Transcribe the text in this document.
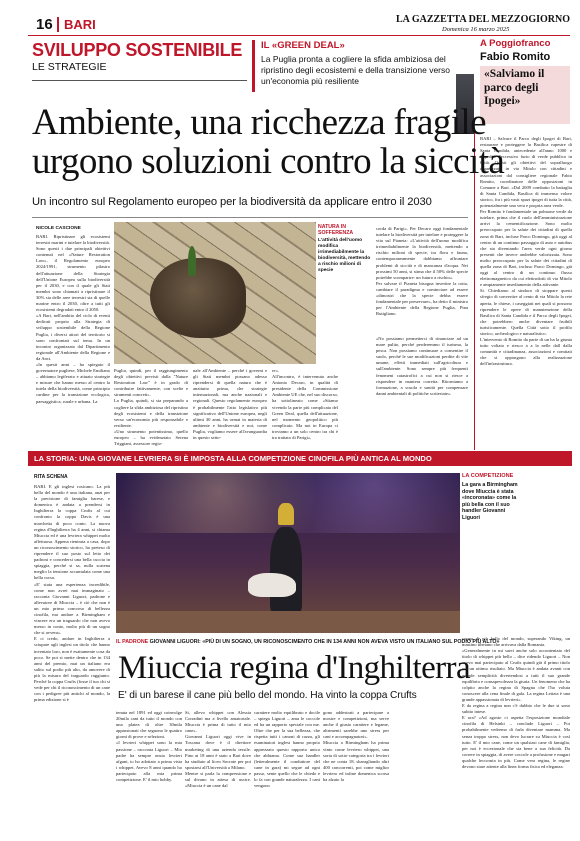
16 BARI	LA GAZZETTA DEL MEZZOGIORNO
Domenica 16 marzo 2025
SVILUPPO SOSTENIBILE
LE STRATEGIE
IL «GREEN DEAL»
La Puglia pronta a cogliere la sfida ambiziosa del ripristino degli ecosistemi e della transizione verso un'economia più resiliente
A Poggiofranco
Fabio Romito
«Salviamo il parco degli Ipogei»
BARI – Salvare il Parco degli Ipogei di Bari, restaurare e proteggere la Basilica rupestre di Santa Candida, antecedente all'anno 1000 e impedire l'eccessivo furto di verde pubblico in Città. Questi gli obiettivi del sopralluogo organizzato in via Mitolo con cittadini e associazioni dal consigliere regionale Fabio Romito, coordinatore delle opposizioni in Comune a Bari. «Dal 2009 combatto la battaglia di Santa Candida, Basilica di immenso valore storico, fra i più vasti spazi ipogei di tutta la città, potenzialmente una vera e propria area verde.
Per Romito è fondamentale un polmone verde da tutelare, prima che il ruolo dell'amministrazione arrivi la cementificazione. Sono molto preoccupato per la salute dei cittadini di quella zona di Bari, incluse Parco Domingo, già oggi al centro di un continuo passaggio di auto e autobus che sta diventando l'area verde ogni giorno presenti che invece andrebbe valorizzata. Sono molto preoccupato per la salute dei cittadini di quella zona di Bari, incluso Parco Domingo, già oggi al centro di un continuo flusso elettromagnetico da cui elettrodotti di via Mitolo e ampiamente insediamento della attivante.
Si. Chiediamo al sindaco di stoppare questi sfregio di convertire al cento di via Mitolo la rete aperta, le chiese, i caseggiati nei quali si possono riprendere le opere di manutenzione della Basilica di Santa Candida e il Parco degli Ipogei, che potrebbero anche diventare fruibili turisticamente. Quella Città sotto il profilo storico, archeologico e naturalistico.
L'intervento di Romito da parte di un ha la giunta tutto voltato e riesco a a la nelle dall dalla comunità e cittadinanza, associazioni e comitati che si oppongono alla realizzazione dell'infrastruttura.
Ambiente, una ricchezza fragile
urgono soluzioni contro la siccità
Un incontro sul Regolamento europeo per la biodiversità da applicare entro il 2030
NICOLE CASCIONE
BARI. Ripristinare gli ecosistemi terrestri marini e tutelare la biodiversità. Sono questi i due principali obiettivi contenuti nel «Nature Restoration Law», il Regolamento europeo 2024/1991, strumento pilastro dell'attuazione della Strategia dell'Unione Europea sulla biodiversità per il 2030, e con il quale gli Stati membri sono chiamati a ripristinare il 30% sia delle aree terrestri sia di quelle marine entro il 2030, oltre a tutti gli ecosistemi degradati entro il 2050.
«A Bari, nell'ambito del ciclo di eventi dedicati proprio alla Strategia di sviluppo sostenibile della Regione Puglia, i diversi attori del territorio si sono confrontati sul tema. In un incontro organizzato dal Dipartimento regionale all'Ambiente della Regione e da Anci.
«In questi anni – ha spiegato il governatore pugliese, Michele Emiliano – abbiamo legiferato e attuato strategie e misure che hanno messo al centro la tutela della biodiversità, come principio cardine per la transizione ecologica, paesaggistica, rurale e urbana. La
NATURA IN SOFFERENZA
L'attività dell'uomo modifica irrimediabilmente la biodiversità, mettendo a rischio milioni di specie
Puglia, quindi, per il raggiungimento degli obiettivi previsti dalla "Nature Restoration Law" è in grado di contribuire fattivamente, con scelte e strumenti concreti».
La Puglia, quindi, si sta preparando a cogliere la sfida ambiziosa del ripristino degli ecosistemi e della transizione verso un'economia più responsabile e resiliente.
«Uno strumento potentissimo, quello europeo – ha evidenziato Serena Triggiani, assessore regio-
nale all'Ambiente – perché i governi e gli Stati membri possano adesso riprendersi di quella natura che è anzitutto prima, che strategie internazionali, ma anche nazionali e regionali. Questo regolamento europeo è probabilmente l'atto legislativo più significativo dell'Unione europea, negli ultimi 30 anni, ha ormai in materia di ambiente e biodiversità e noi, come Puglia, vogliamo essere all'avanguardia in questo setto-
re».
All'incontro, è intervenuto anche Antonio Decaro, in qualità di presidente della Commissione Ambiente UE che, nel suo discorso, ha sottolineato come «Stiamo vivendo la parte più complicata del Green Deal, quella dell'attuazione, nel momento geopolitico più complicato. Ma noi in Europa ci troviamo a un solo centro tra chi è tra trattato di Parigi»,
corda di Parigi». Per Decaro oggi fondamentale tutelare la biodiversità per tutelare e proteggere la vita sul Pianeta: «L'attività dell'uomo modifica irrimediabilmente la biodiversità, mettendo a rischio milioni di specie, tra flora e fauna, contemporaneamente dobbiamo affrontare problemi di siccità e di mancanza d'acqua. Nei prossimi 50 anni, si stima che il 50% delle specie potrebbe scomparire: un futuro a rischio».
Per salvare il Pianeta bisogna invertire la rotta, cambiare il paradigma e cominciare ad essere «dimostri che la specie debba essere fondamentale per preservare», ha detto il ministro per l'Ambiente della Regione Puglia, Pina Rutigliano.
«No possiamo permetterci di rinunciare ad un mare pulito, perché perderemmo il turismo, la pesca. Non possiamo continuare a consentire il suolo, perché le sue modificazioni perdite di vite umane, effetti immediati sull'agricoltura e sull'ambiente. Sono sempre più frequenti fenomeni catastrofici a cui non si riesce a rispondere in maniera corretta. Ritorniamo a formazione, a scuola e sanità per compensare danni ambientali di politiche scriteriate».
LA STORIA: UNA GIOVANE LEVRIERA SI È IMPOSTA ALLA COMPETIZIONE CINOFILA PIÙ ANTICA AL MONDO
RITA SCHENA
BARI. E gli inglesi rosicano. La più bella del mondo è una italiana, anzi per la precisione di famiglia barese, e domenica è andata a prendersi in Inghilterra la coppa Crufts al cui confronto la coppa Davis è una marchetta di poco conto. La nuova regina d'Inghilterra ha 4 anni, si chiama Miuccia ed è una levriera whippet molto affettuosa. Appena rientrata a casa, dopo un riconoscimento storico, ha preteso di riprendere il suo posto sul letto dei padroni e concedersi una bella cuccia in spiaggia, perché si sa, nulla scatena meglio la tensione accumulata come una bella corsa.
«E' stata una esperienza incredibile, come non avrei mai immaginato – racconta Giovanni Liguori, padrone e allevatore di Miuccia – è ciò che non è un mio primo concorso di bellezza cinofila, ma andare a Birmingham e vincere era un traguardo che non avevo messo in conto, molto più di un sogno che si avvera».
E ci credo, andare in Inghilterra a sciupare agli inglesi un titolo che hanno inventato loro, non è esattamente cosa da poco. Se poi si mette dentro che in 134 anni del premio, mai un italiano era salito sul podio più alto, da amovere di più la misura del traguardo raggiunto. Perché la coppa Crufts (fosse il tuo chi si vede per chi il riconoscimento di un cane con i pedigree più antichi al mondo, la prima edizione si è
LA COMPETIZIONE
La gara a Birmingham dove Miuccia è stata «incoronata» come la più bella con il suo handler Giovanni Liguori
IL PADRONE GIOVANNI LIGUORI: «PIÙ DI UN SOGNO, UN RICONOSCIMENTO CHE IN 134 ANNI NON AVEVA VISTO UN ITALIANO SUL PODIO PIÙ ALTO»
Miuccia regina d'Inghilterra
E' di un barese il cane più bello del mondo. Ha vinto la coppa Crufts
tenuta nel 1891 ed oggi coinvolge 20mila cani da tutto il mondo con una platea di oltre 30mila appassionati che seguono le quattro giorni di prove e selezioni.
«I levrieri whippet sono la mia passione – racconta Liguori – Mio padre ha sempre avuto levrieri afgani, io ho adottato a prima vista i whippet. Avevo 8 anni quando ho partecipato alla mia prima competizione. E' il mio hobby.
Si, allevo whippet con Alessia Corradini ma a livello amatoriale. Miuccia è prima di tutto il mio cane».
Giovanni Liguori oggi vive in Toscana dove è il direttore marketing di una azienda tessile. Fino ai 18 anni è stato a Bari dove ha studiato al liceo Socrate per poi spostarsi all'Università a Milano.
Mentre si parla la compressione e sul divano in attesa di uscire. «Miuccia è un cane dal
carattere molto equilibrato e docile – spiega Liguori – ama le coccole ed ha un rapporto speciale con me. Oltre che per la sua bellezza, che rispetta tutti i canoni di razza, gli esaminatori inglesi hanno proprio apprezzato questo rapporto unico che abbiamo. Come suo handler (letteralmente il conduttore del cane in gara) mi segue ad ogni passo, sente quello che le chiedo e lo fa con grande naturalezza. I cani vengono
gono addestrati a partecipare a mostre e competizioni, ma serve anche il giusto carattere e legame, altrimenti sarebbe uno stress per cani e accompagnatori».
Miuccia a Birmingham ha prima vinto come levriero whippet, una sorta di sotto-categoria tra i levrieri che ne conta 18, sbaragliando altri 400 concorrenti, poi come miglior levriero ed infine domenica scorsa ha alzato la
coppa di più bella del mondo, superando Viking, un mastino tibetano che arrivava dalla Romania.
«Generalmente in mi sarei anche solo accontentato del titolo di whippet più bello – dice ridendo Liguori – Non avevo mai partecipato al Crufts quindi già il primo titolo era un ottimo risultato. Ma Miuccia è andata avanti con grande semplicità divertendosi a tutti il suo grande equilibrio e consapevolezza la giuria. Un fenomeno che ha colpito anche la regina di Spagna che l'ho voluta conoscere alla cena finale di gala. La regina Letizia è una grande appassionata di levrieri».
E da regina a regina non c'è dubbio che le due si sono subito intese.
E ora? «Ad agosto ci aspetta l'esposizione mondiale cinofila di Helsinki – conclude Liguori – Poi probabilmente vedremo di farla diventare mamma. Ma senza troppo stress, non devo lucrare su Miuccia è così tutto. E' il mio cane, come un qualsiasi cane di famiglia, per noi è eccezionale che sia bene a sua felicità. Da correre in spiaggia, di avere coccole a profusione e magari qualche leccornia in più. Come vera regina, le regine devono stare attente alla linea forma fisica ed eleganza.
